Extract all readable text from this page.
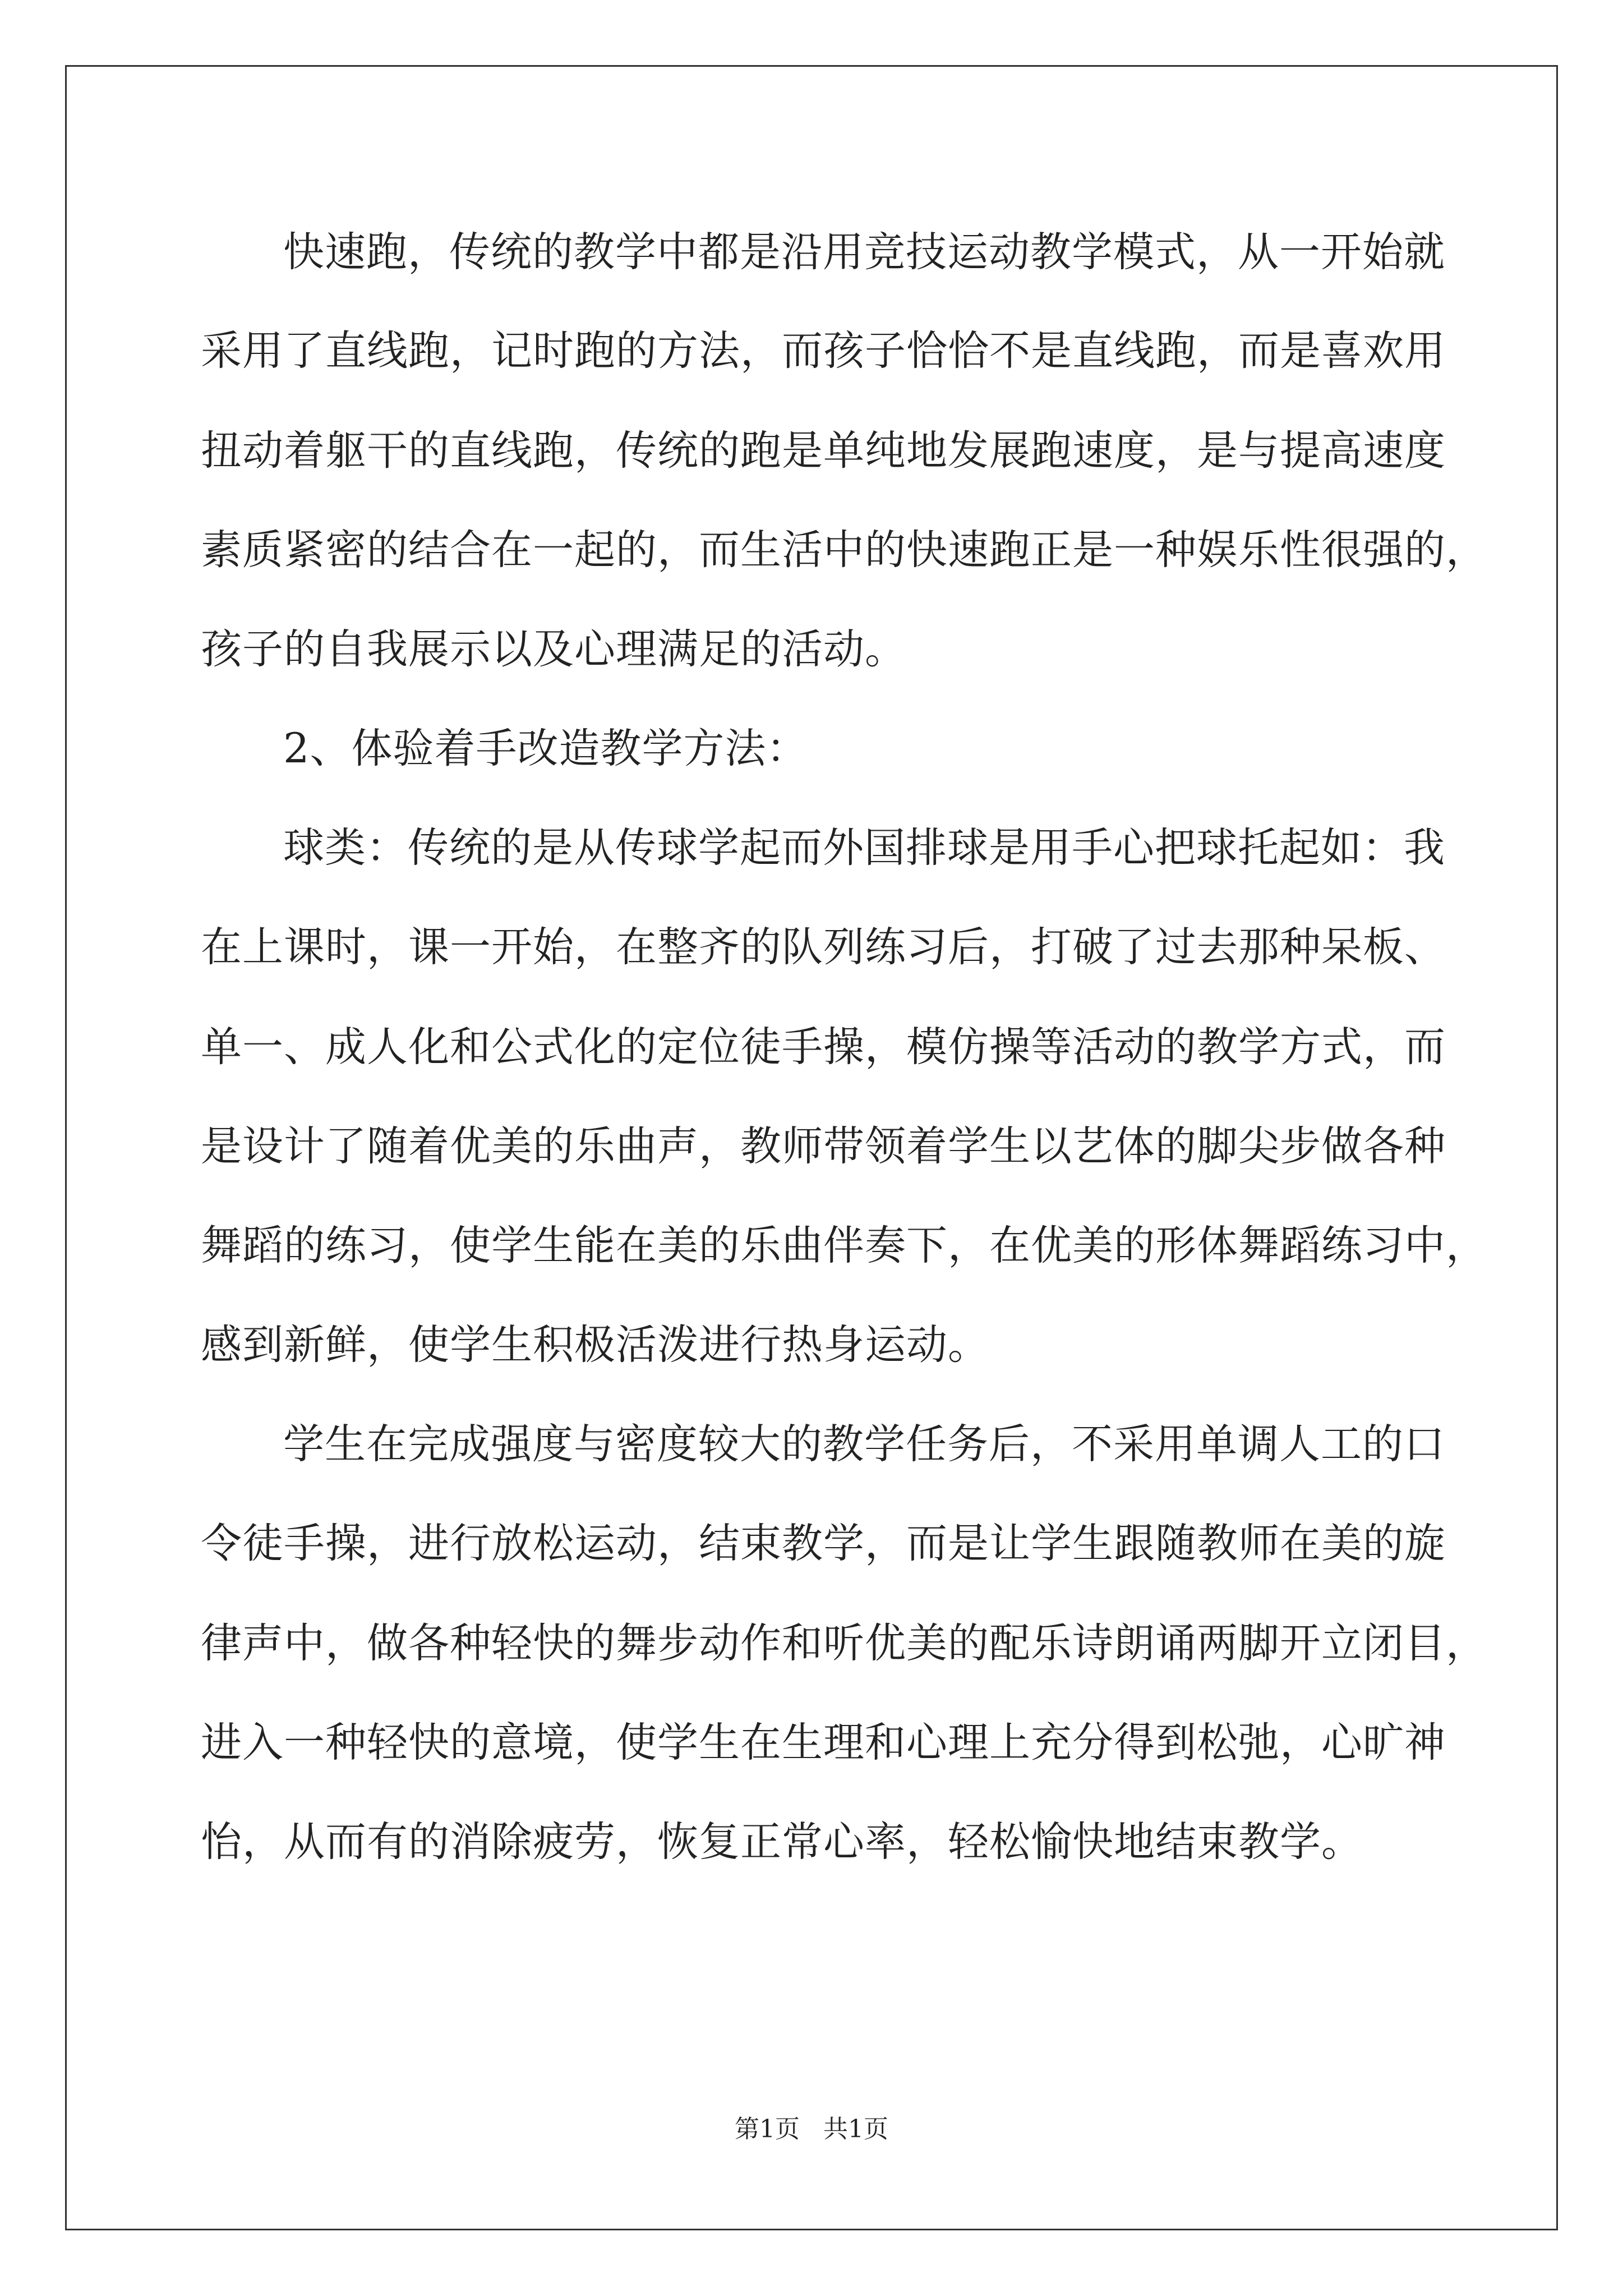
快速跑，传统的教学中都是沿用竞技运动教学模式，从一开始就

采用了直线跑，记时跑的方法，而孩子恰恰不是直线跑，而是喜欢用

扭动着躯干的直线跑，传统的跑是单纯地发展跑速度，是与提高速度

素质紧密的结合在一起的，而生活中的快速跑正是一种娱乐性很强的，

孩子的自我展示以及心理满足的活动。

2、体验着手改造教学方法：

球类：传统的是从传球学起而外国排球是用手心把球托起如：我

在上课时，课一开始，在整齐的队列练习后，打破了过去那种呆板、

单一、成人化和公式化的定位徒手操，模仿操等活动的教学方式，而

是设计了随着优美的乐曲声，教师带领着学生以艺体的脚尖步做各种

舞蹈的练习，使学生能在美的乐曲伴奏下，在优美的形体舞蹈练习中，

感到新鲜，使学生积极活泼进行热身运动。

学生在完成强度与密度较大的教学任务后，不采用单调人工的口

令徒手操，进行放松运动，结束教学，而是让学生跟随教师在美的旋

律声中，做各种轻快的舞步动作和听优美的配乐诗朗诵两脚开立闭目，

进入一种轻快的意境，使学生在生理和心理上充分得到松弛，心旷神

怡，从而有的消除疲劳，恢复正常心率，轻松愉快地结束教学。

第1页 共1页
